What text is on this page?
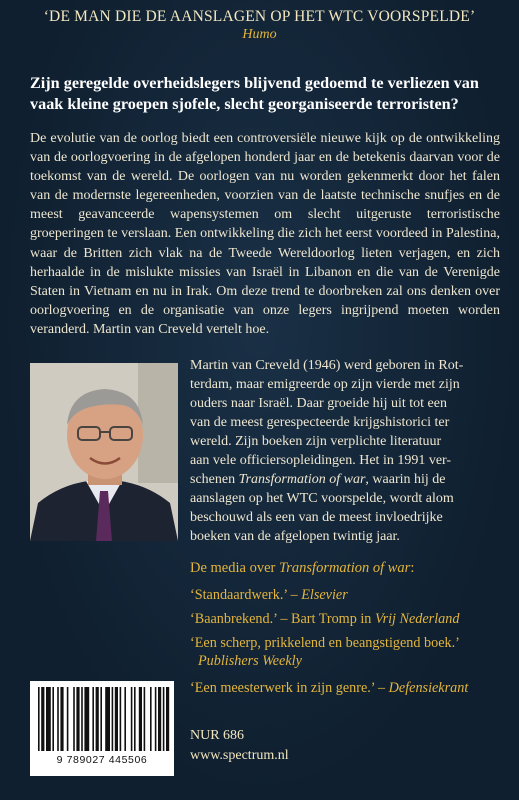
‘DE MAN DIE DE AANSLAGEN OP HET WTC VOORSPELDE’
Humo
Zijn geregelde overheidslegers blijvend gedoemd te verliezen van vaak kleine groepen sjofele, slecht georganiseerde terroristen?
De evolutie van de oorlog biedt een controversiële nieuwe kijk op de ontwikkeling van de oorlogvoering in de afgelopen honderd jaar en de betekenis daarvan voor de toekomst van de wereld. De oorlogen van nu worden gekenmerkt door het falen van de modernste legereenheden, voorzien van de laatste technische snufjes en de meest geavanceerde wapensystemen om slecht uitgeruste terroristische groeperingen te verslaan. Een ontwikkeling die zich het eerst voordeed in Palestina, waar de Britten zich vlak na de Tweede Wereldoorlog lieten verjagen, en zich herhaalde in de mislukte missies van Israël in Libanon en die van de Verenigde Staten in Vietnam en nu in Irak. Om deze trend te doorbreken zal ons denken over oorlogvoering en de organisatie van onze legers ingrijpend moeten worden veranderd. Martin van Creveld vertelt hoe.
Martin van Creveld (1946) werd geboren in Rot-
terdam, maar emigreerde op zijn vierde met zijn
ouders naar Israël. Daar groeide hij uit tot een
van de meest gerespecteerde krijgshistorici ter
wereld. Zijn boeken zijn verplichte literatuur
aan vele officiersopleidingen. Het in 1991 ver-
schenen Transformation of war, waarin hij de
aanslagen op het WTC voorspelde, wordt alom
beschouwd als een van de meest invloedrijke
boeken van de afgelopen twintig jaar.
De media over Transformation of war:
‘Standaardwerk.’ – Elsevier
‘Baanbrekend.’ – Bart Tromp in Vrij Nederland
‘Een scherp, prikkelend en beangstigend boek.’
Publishers Weekly
‘Een meesterwerk in zijn genre.’ – Defensiekrant
9 789027 445506
NUR 686
www.spectrum.nl
